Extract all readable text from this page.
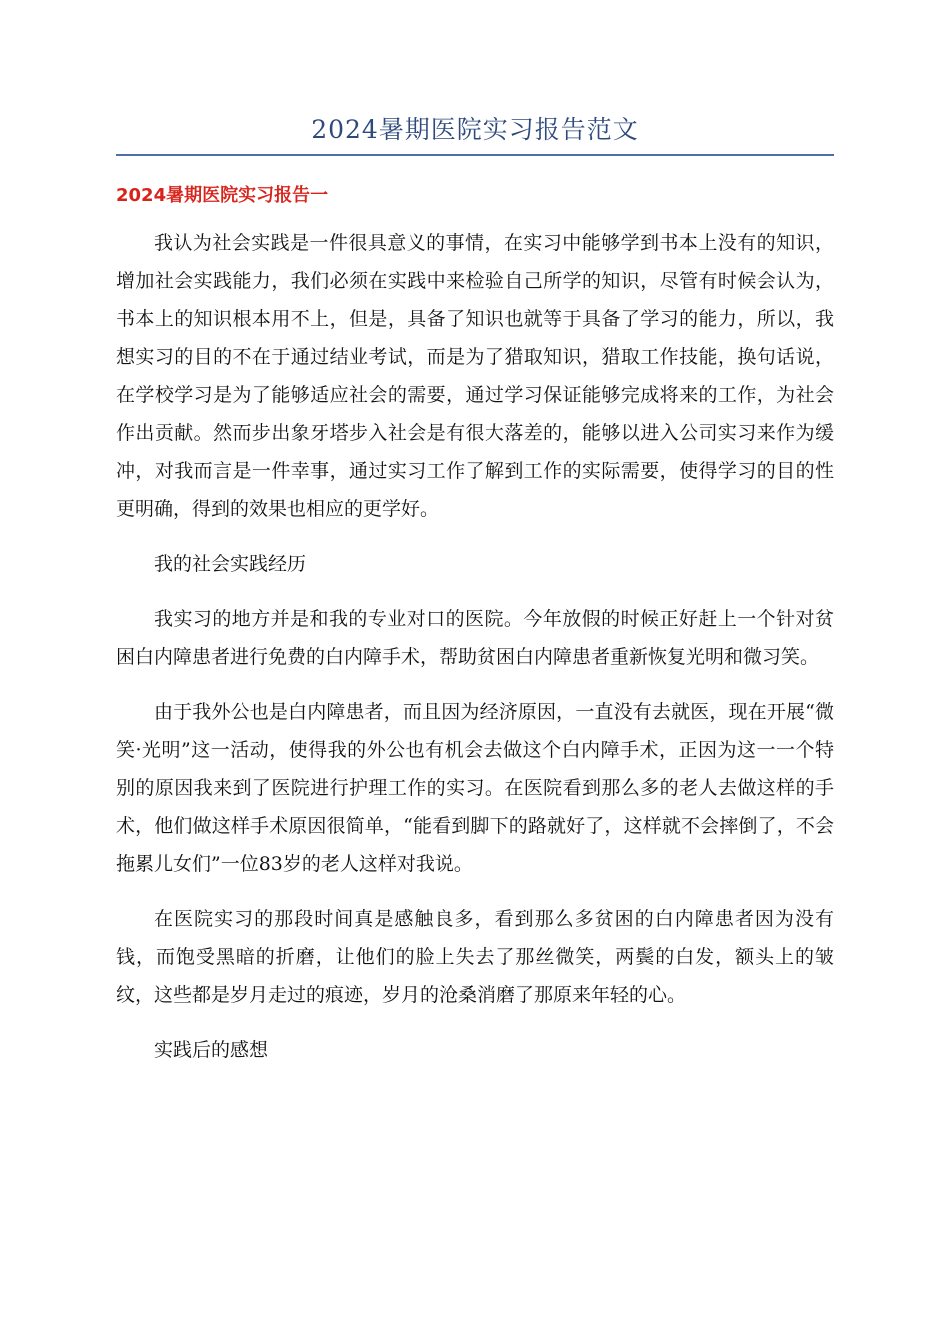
2024暑期医院实习报告范文
2024暑期医院实习报告一

我认为社会实践是一件很具意义的事情，在实习中能够学到书本上没有的知识，增加社会实践能力，我们必须在实践中来检验自己所学的知识，尽管有时候会认为，书本上的知识根本用不上，但是，具备了知识也就等于具备了学习的能力，所以，我想实习的目的不在于通过结业考试，而是为了猎取知识，猎取工作技能，换句话说，在学校学习是为了能够适应社会的需要，通过学习保证能够完成将来的工作，为社会作出贡献。然而步出象牙塔步入社会是有很大落差的，能够以进入公司实习来作为缓冲，对我而言是一件幸事，通过实习工作了解到工作的实际需要，使得学习的目的性更明确，得到的效果也相应的更学好。

我的社会实践经历

我实习的地方并是和我的专业对口的医院。今年放假的时候正好赶上一个针对贫困白内障患者进行免费的白内障手术，帮助贫困白内障患者重新恢复光明和微习笑。

由于我外公也是白内障患者，而且因为经济原因，一直没有去就医，现在开展“微笑·光明”这一活动，使得我的外公也有机会去做这个白内障手术，正因为这一一个特别的原因我来到了医院进行护理工作的实习。在医院看到那么多的老人去做这样的手术，他们做这样手术原因很简单，“能看到脚下的路就好了，这样就不会摔倒了，不会拖累儿女们”一位83岁的老人这样对我说。

在医院实习的那段时间真是感触良多，看到那么多贫困的白内障患者因为没有钱，而饱受黑暗的折磨，让他们的脸上失去了那丝微笑，两鬓的白发，额头上的皱纹，这些都是岁月走过的痕迹，岁月的沧桑消磨了那原来年轻的心。

实践后的感想
